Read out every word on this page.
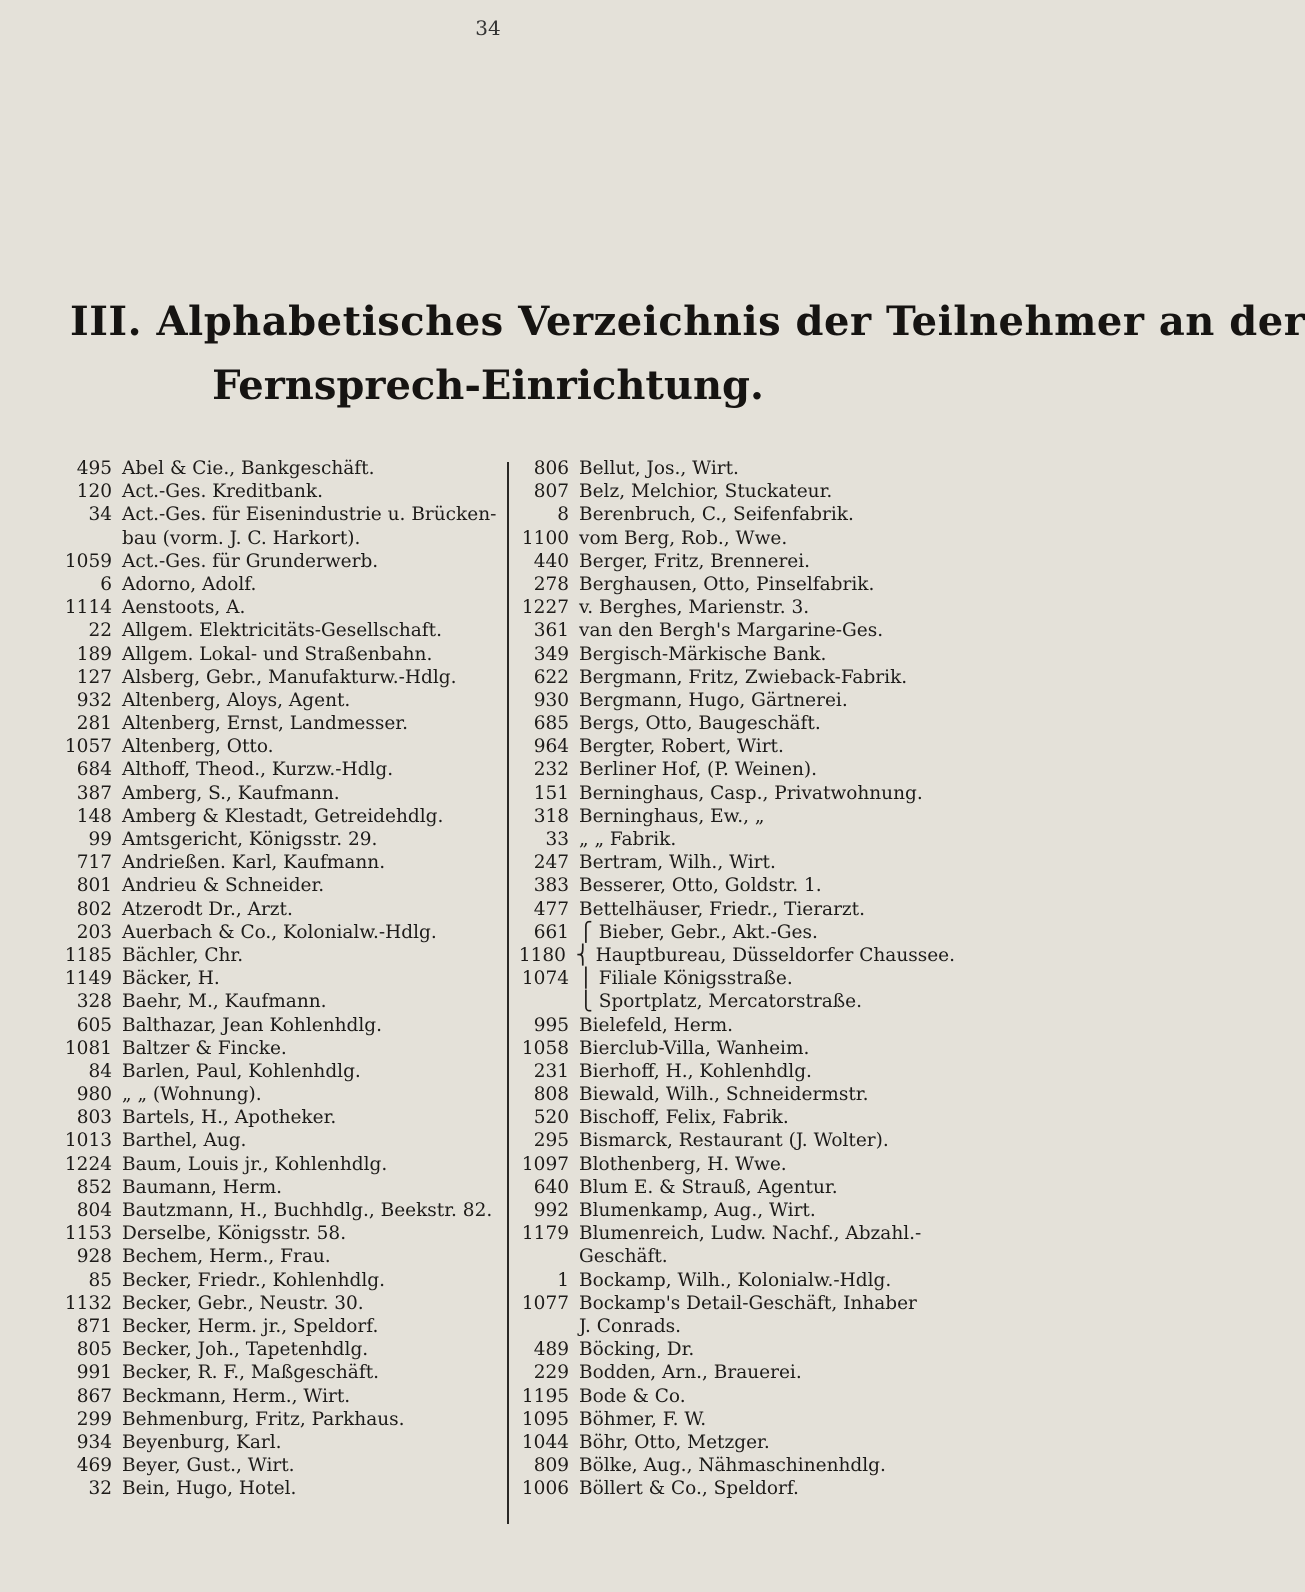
34
III. Alphabetisches Verzeichnis der Teilnehmer an der
Fernsprech-Einrichtung.
495 Abel & Cie., Bankgeschäft.
120 Act.-Ges. Kreditbank.
34 Act.-Ges. für Eisenindustrie u. Brücken-
bau (vorm. J. C. Harkort).
1059 Act.-Ges. für Grunderwerb.
6 Adorno, Adolf.
1114 Aenstoots, A.
22 Allgem. Elektricitäts-Gesellschaft.
189 Allgem. Lokal- und Straßenbahn.
127 Alsberg, Gebr., Manufakturw.-Hdlg.
932 Altenberg, Aloys, Agent.
281 Altenberg, Ernst, Landmesser.
1057 Altenberg, Otto.
684 Althoff, Theod., Kurzw.-Hdlg.
387 Amberg, S., Kaufmann.
148 Amberg & Klestadt, Getreidehdlg.
99 Amtsgericht, Königsstr. 29.
717 Andrießen. Karl, Kaufmann.
801 Andrieu & Schneider.
802 Atzerodt Dr., Arzt.
203 Auerbach & Co., Kolonialw.-Hdlg.
1185 Bächler, Chr.
1149 Bäcker, H.
328 Baehr, M., Kaufmann.
605 Balthazar, Jean Kohlenhdlg.
1081 Baltzer & Fincke.
84 Barlen, Paul, Kohlenhdlg.
980 „ „ (Wohnung).
803 Bartels, H., Apotheker.
1013 Barthel, Aug.
1224 Baum, Louis jr., Kohlenhdlg.
852 Baumann, Herm.
804 Bautzmann, H., Buchhdlg., Beekstr. 82.
1153 Derselbe, Königsstr. 58.
928 Bechem, Herm., Frau.
85 Becker, Friedr., Kohlenhdlg.
1132 Becker, Gebr., Neustr. 30.
871 Becker, Herm. jr., Speldorf.
805 Becker, Joh., Tapetenhdlg.
991 Becker, R. F., Maßgeschäft.
867 Beckmann, Herm., Wirt.
299 Behmenburg, Fritz, Parkhaus.
934 Beyenburg, Karl.
469 Beyer, Gust., Wirt.
32 Bein, Hugo, Hotel.
806 Bellut, Jos., Wirt.
807 Belz, Melchior, Stuckateur.
8 Berenbruch, C., Seifenfabrik.
1100 vom Berg, Rob., Wwe.
440 Berger, Fritz, Brennerei.
278 Berghausen, Otto, Pinselfabrik.
1227 v. Berghes, Marienstr. 3.
361 van den Bergh's Margarine-Ges.
349 Bergisch-Märkische Bank.
622 Bergmann, Fritz, Zwieback-Fabrik.
930 Bergmann, Hugo, Gärtnerei.
685 Bergs, Otto, Baugeschäft.
964 Bergter, Robert, Wirt.
232 Berliner Hof, (P. Weinen).
151 Berninghaus, Casp., Privatwohnung.
318 Berninghaus, Ew., „
33 „ „ Fabrik.
247 Bertram, Wilh., Wirt.
383 Besserer, Otto, Goldstr. 1.
477 Bettelhäuser, Friedr., Tierarzt.
661 ⎧ Bieber, Gebr., Akt.-Ges.
1180 ⎨ Hauptbureau, Düsseldorfer Chaussee.
1074 ⎪ Filiale Königsstraße.
⎩ Sportplatz, Mercatorstraße.
995 Bielefeld, Herm.
1058 Bierclub-Villa, Wanheim.
231 Bierhoff, H., Kohlenhdlg.
808 Biewald, Wilh., Schneidermstr.
520 Bischoff, Felix, Fabrik.
295 Bismarck, Restaurant (J. Wolter).
1097 Blothenberg, H. Wwe.
640 Blum E. & Strauß, Agentur.
992 Blumenkamp, Aug., Wirt.
1179 Blumenreich, Ludw. Nachf., Abzahl.-
Geschäft.
1 Bockamp, Wilh., Kolonialw.-Hdlg.
1077 Bockamp's Detail-Geschäft, Inhaber
J. Conrads.
489 Böcking, Dr.
229 Bodden, Arn., Brauerei.
1195 Bode & Co.
1095 Böhmer, F. W.
1044 Böhr, Otto, Metzger.
809 Bölke, Aug., Nähmaschinenhdlg.
1006 Böllert & Co., Speldorf.
